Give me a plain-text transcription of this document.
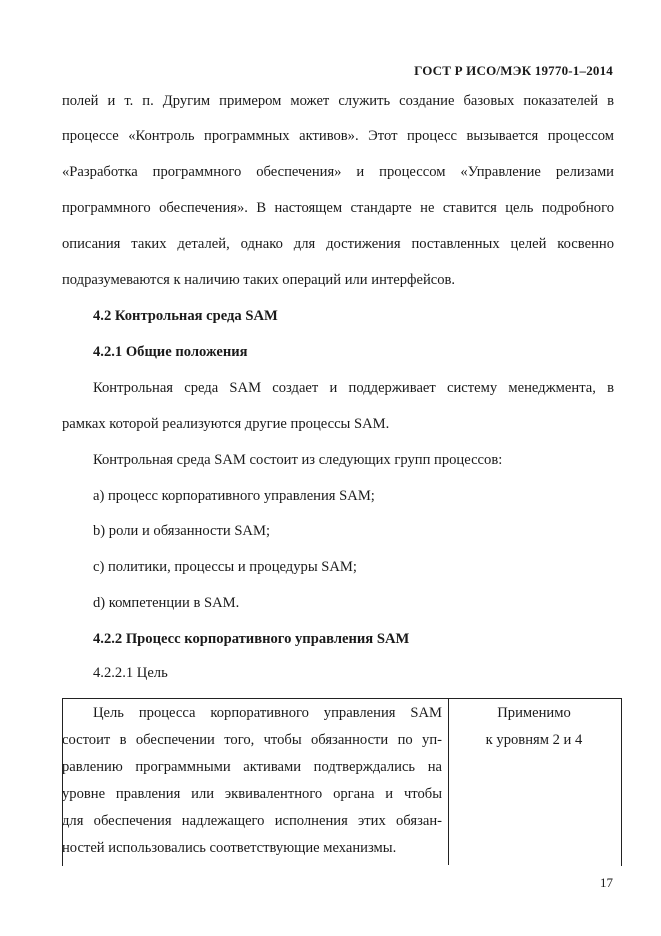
ГОСТ Р ИСО/МЭК 19770-1–2014
полей и т. п. Другим примером может служить создание базовых показателей в
процессе «Контроль программных активов». Этот процесс вызывается процессом
«Разработка программного обеспечения» и процессом «Управление релизами
программного обеспечения». В настоящем стандарте не ставится цель подробного
описания таких деталей, однако для достижения поставленных целей косвенно
подразумеваются к наличию таких операций или интерфейсов.
4.2 Контрольная среда SAM
4.2.1 Общие положения
Контрольная среда SAM создает и поддерживает систему менеджмента, в
рамках которой реализуются другие процессы SAM.
Контрольная среда SAM состоит из следующих групп процессов:
a) процесс корпоративного управления SAM;
b) роли и обязанности SAM;
c) политики, процессы и процедуры SAM;
d) компетенции в SAM.
4.2.2 Процесс корпоративного управления SAM
4.2.2.1 Цель
Цель процесса корпоративного управления SAM
состоит в обеспечении того, чтобы обязанности по уп-
равлению программными активами подтверждались на
уровне правления или эквивалентного органа и чтобы
для обеспечения надлежащего исполнения этих обязан-
ностей использовались соответствующие механизмы.
Применимо
к уровням 2 и 4
17
